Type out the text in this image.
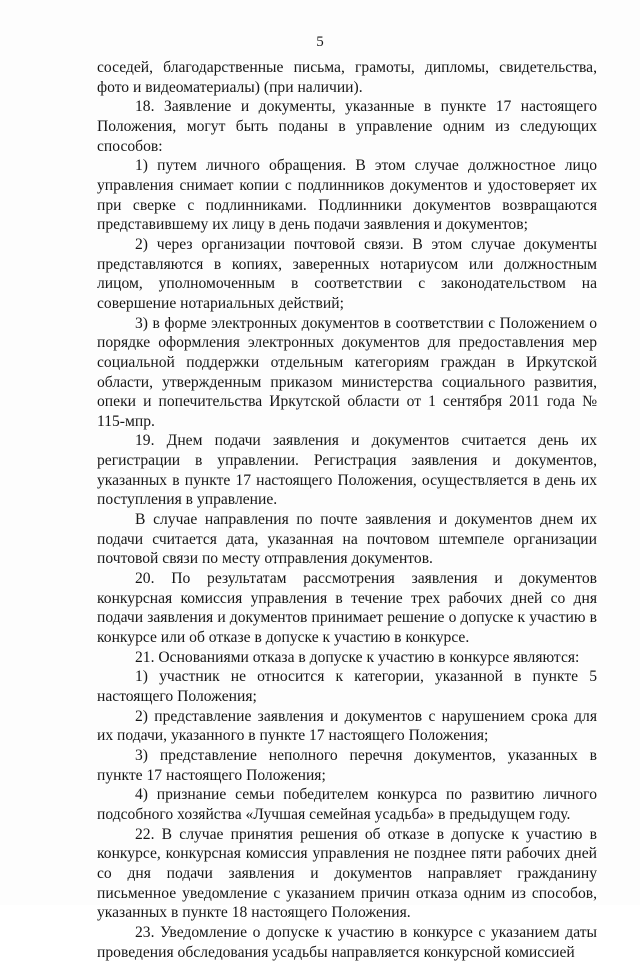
5

соседей, благодарственные письма, грамоты, дипломы, свидетельства, фото и видеоматериалы) (при наличии).

18. Заявление и документы, указанные в пункте 17 настоящего Положения, могут быть поданы в управление одним из следующих способов:

1) путем личного обращения. В этом случае должностное лицо управления снимает копии с подлинников документов и удостоверяет их при сверке с подлинниками. Подлинники документов возвращаются представившему их лицу в день подачи заявления и документов;

2) через организации почтовой связи. В этом случае документы представляются в копиях, заверенных нотариусом или должностным лицом, уполномоченным в соответствии с законодательством на совершение нотариальных действий;

3) в форме электронных документов в соответствии с Положением о порядке оформления электронных документов для предоставления мер социальной поддержки отдельным категориям граждан в Иркутской области, утвержденным приказом министерства социального развития, опеки и попечительства Иркутской области от 1 сентября 2011 года № 115-мпр.

19. Днем подачи заявления и документов считается день их регистрации в управлении. Регистрация заявления и документов, указанных в пункте 17 настоящего Положения, осуществляется в день их поступления в управление.

В случае направления по почте заявления и документов днем их подачи считается дата, указанная на почтовом штемпеле организации почтовой связи по месту отправления документов.

20. По результатам рассмотрения заявления и документов конкурсная комиссия управления в течение трех рабочих дней со дня подачи заявления и документов принимает решение о допуске к участию в конкурсе или об отказе в допуске к участию в конкурсе.

21. Основаниями отказа в допуске к участию в конкурсе являются:

1) участник не относится к категории, указанной в пункте 5 настоящего Положения;

2) представление заявления и документов с нарушением срока для их подачи, указанного в пункте 17 настоящего Положения;

3) представление неполного перечня документов, указанных в пункте 17 настоящего Положения;

4) признание семьи победителем конкурса по развитию личного подсобного хозяйства «Лучшая семейная усадьба» в предыдущем году.

22. В случае принятия решения об отказе в допуске к участию в конкурсе, конкурсная комиссия управления не позднее пяти рабочих дней со дня подачи заявления и документов направляет гражданину письменное уведомление с указанием причин отказа одним из способов, указанных в пункте 18 настоящего Положения.

23. Уведомление о допуске к участию в конкурсе с указанием даты проведения обследования усадьбы направляется конкурсной комиссией
